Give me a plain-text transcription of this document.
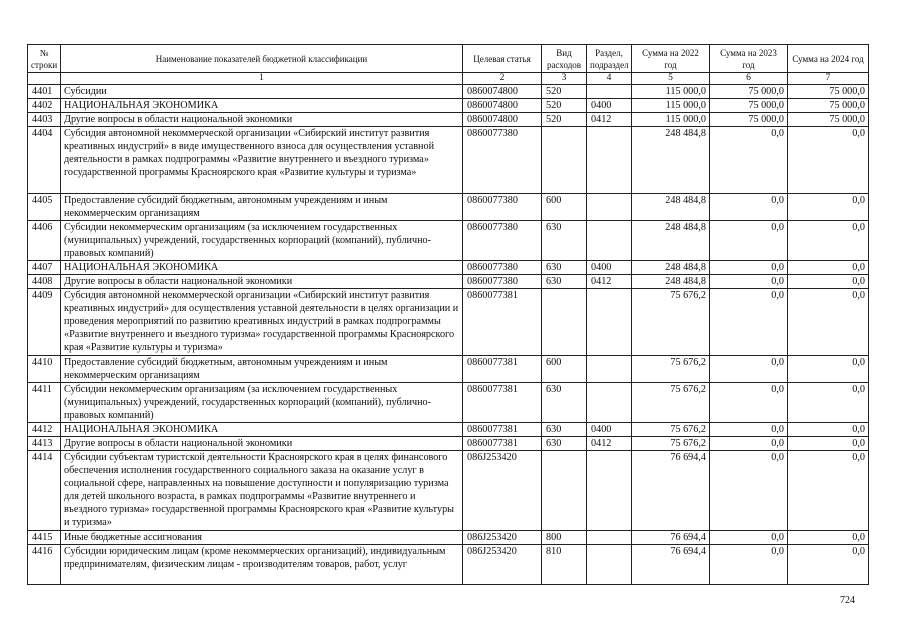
№ строки	Наименование показателей бюджетной классификации	Целевая статья	Вид расходов	Раздел, подраздел	Сумма на 2022 год	Сумма на 2023 год	Сумма на 2024 год
	1	2	3	4	5	6	7
4401	Субсидии	0860074800	520		115 000,0	75 000,0	75 000,0
4402	НАЦИОНАЛЬНАЯ ЭКОНОМИКА	0860074800	520	0400	115 000,0	75 000,0	75 000,0
4403	Другие вопросы в области национальной экономики	0860074800	520	0412	115 000,0	75 000,0	75 000,0
4404	Субсидия автономной некоммерческой организации «Сибирский институт развития креативных индустрий» в виде имущественного взноса для осуществления уставной деятельности в рамках подпрограммы «Развитие внутреннего и въездного туризма» государственной программы Красноярского края «Развитие культуры и туризма»	0860077380			248 484,8	0,0	0,0
4405	Предоставление субсидий бюджетным, автономным учреждениям и иным некоммерческим организациям	0860077380	600		248 484,8	0,0	0,0
4406	Субсидии некоммерческим организациям (за исключением государственных (муниципальных) учреждений, государственных корпораций (компаний), публично-правовых компаний)	0860077380	630		248 484,8	0,0	0,0
4407	НАЦИОНАЛЬНАЯ ЭКОНОМИКА	0860077380	630	0400	248 484,8	0,0	0,0
4408	Другие вопросы в области национальной экономики	0860077380	630	0412	248 484,8	0,0	0,0
4409	Субсидия автономной некоммерческой организации «Сибирский институт развития креативных индустрий» для осуществления уставной деятельности в целях организации и проведения мероприятий по развитию креативных индустрий в рамках подпрограммы «Развитие внутреннего и въездного туризма» государственной программы Красноярского края «Развитие культуры и туризма»	0860077381			75 676,2	0,0	0,0
4410	Предоставление субсидий бюджетным, автономным учреждениям и иным некоммерческим организациям	0860077381	600		75 676,2	0,0	0,0
4411	Субсидии некоммерческим организациям (за исключением государственных (муниципальных) учреждений, государственных корпораций (компаний), публично-правовых компаний)	0860077381	630		75 676,2	0,0	0,0
4412	НАЦИОНАЛЬНАЯ ЭКОНОМИКА	0860077381	630	0400	75 676,2	0,0	0,0
4413	Другие вопросы в области национальной экономики	0860077381	630	0412	75 676,2	0,0	0,0
4414	Субсидии субъектам туристской деятельности Красноярского края в целях финансового обеспечения исполнения государственного социального заказа на оказание услуг в социальной сфере, направленных на повышение доступности и популяризацию туризма для детей школьного возраста, в рамках подпрограммы «Развитие внутреннего и въездного туризма» государственной программы Красноярского края «Развитие культуры и туризма»	086J253420			76 694,4	0,0	0,0
4415	Иные бюджетные ассигнования	086J253420	800		76 694,4	0,0	0,0
4416	Субсидии юридическим лицам (кроме некоммерческих организаций), индивидуальным предпринимателям, физическим лицам - производителям товаров, работ, услуг	086J253420	810		76 694,4	0,0	0,0
724
